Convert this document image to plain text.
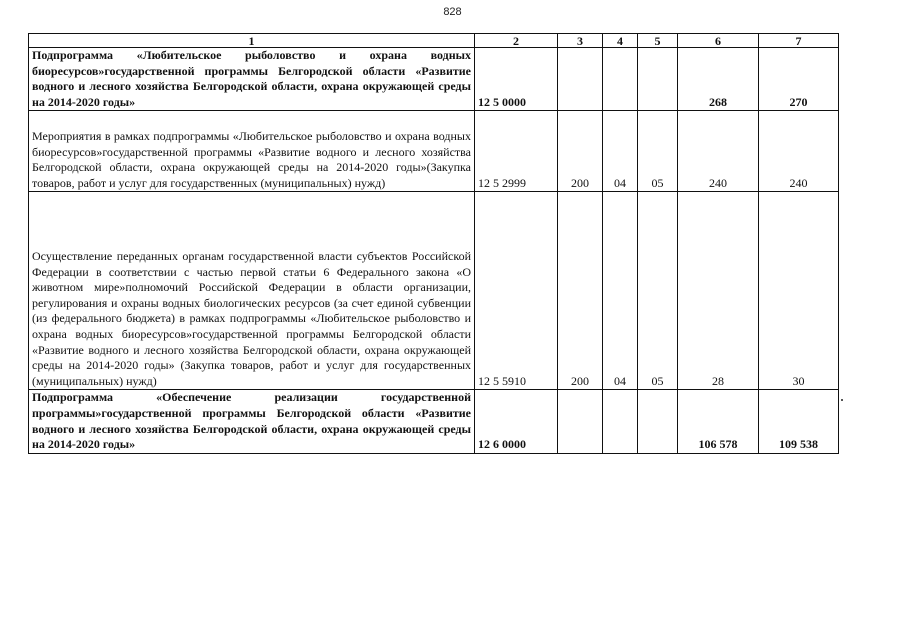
828
1	2	3	4	5	6	7
Подпрограмма «Любительское рыболовство и охрана водных биоресурсов»государственной программы Белгородской области «Развитие водного и лесного хозяйства Белгородской области, охрана окружающей среды на 2014-2020 годы»	12 5 0000				268	270
Мероприятия в рамках подпрограммы «Любительское рыболовство и охрана водных биоресурсов»государственной программы «Развитие водного и лесного хозяйства Белгородской области, охрана окружающей среды на 2014-2020 годы»(Закупка товаров, работ и услуг для государственных (муниципальных) нужд)	12 5 2999	200	04	05	240	240
Осуществление переданных органам государственной власти субъектов Российской Федерации в соответствии с частью первой статьи 6 Федерального закона «О животном мире»полномочий Российской Федерации в области организации, регулирования и охраны водных биологических ресурсов (за счет единой субвенции (из федерального бюджета) в рамках подпрограммы «Любительское рыболовство и охрана водных биоресурсов»государственной программы Белгородской области «Развитие водного и лесного хозяйства Белгородской области, охрана окружающей среды на 2014-2020 годы» (Закупка товаров, работ и услуг для государственных (муниципальных) нужд)	12 5 5910	200	04	05	28	30
Подпрограмма «Обеспечение реализации государственной программы»государственной программы Белгородской области «Развитие водного и лесного хозяйства Белгородской области, охрана окружающей среды на 2014-2020 годы»	12 6 0000				106 578	109 538
